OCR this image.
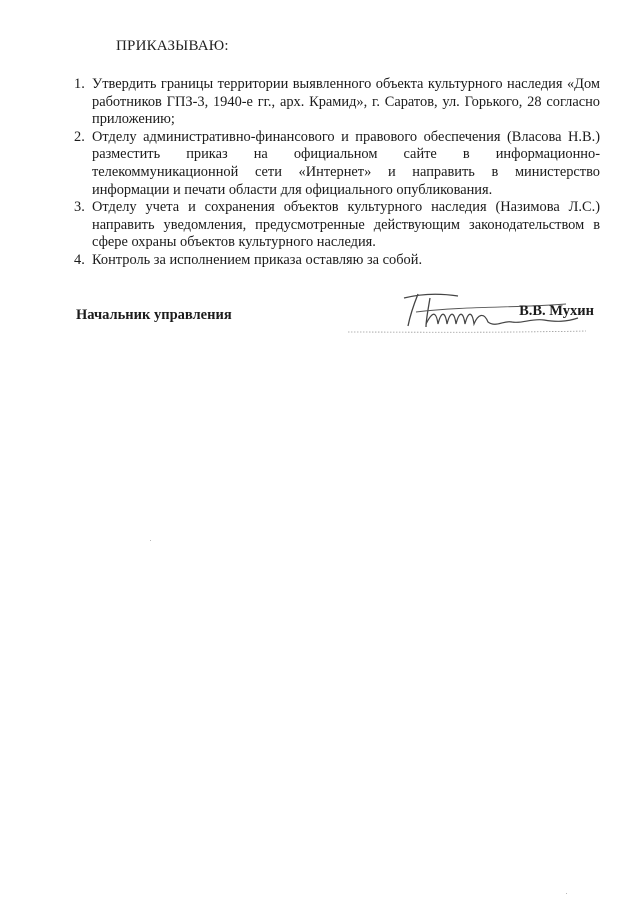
ПРИКАЗЫВАЮ:
1. Утвердить границы территории выявленного объекта культурного наследия «Дом работников ГПЗ-3, 1940-е гг., арх. Крамид», г. Саратов, ул. Горького, 28 согласно приложению;
2. Отделу административно-финансового и правового обеспечения (Власова Н.В.) разместить приказ на официальном сайте в информационно-телекоммуникационной сети «Интернет» и направить в министерство информации и печати области для официального опубликования.
3. Отделу учета и сохранения объектов культурного наследия (Назимова Л.С.) направить уведомления, предусмотренные действующим законодательством в сфере охраны объектов культурного наследия.
4. Контроль за исполнением приказа оставляю за собой.
Начальник управления	В.В. Мухин
